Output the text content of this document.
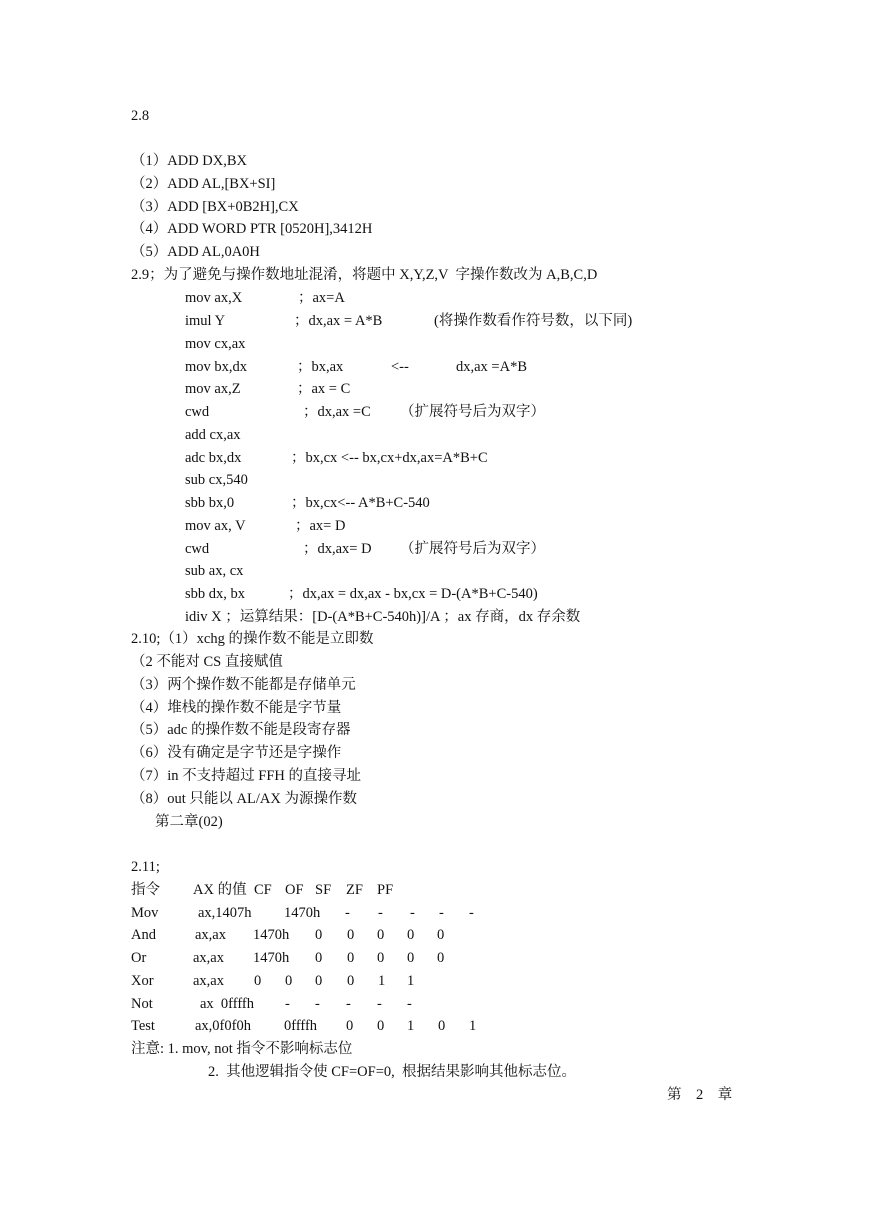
2.8
（1）ADD DX,BX
（2）ADD AL,[BX+SI]
（3）ADD [BX+0B2H],CX
（4）ADD WORD PTR [0520H],3412H
（5）ADD AL,0A0H
2.9；为了避免与操作数地址混淆，将题中 X,Y,Z,V  字操作数改为 A,B,C,D
mov ax,X	；ax=A
imul Y	；dx,ax = A*B	(将操作数看作符号数，以下同)
mov cx,ax
mov bx,dx	；bx,ax	<--	dx,ax =A*B
mov ax,Z	；ax = C
cwd	；dx,ax =C （扩展符号后为双字）
add cx,ax
adc bx,dx	；bx,cx <-- bx,cx+dx,ax=A*B+C
sub cx,540
sbb bx,0	；bx,cx<-- A*B+C-540
mov ax, V	；ax= D
cwd	；dx,ax= D （扩展符号后为双字）
sub ax, cx
sbb dx, bx	；dx,ax = dx,ax - bx,cx = D-(A*B+C-540)
idiv X ；运算结果：[D-(A*B+C-540h)]/A ；ax 存商，dx 存余数
2.10;（1）xchg 的操作数不能是立即数
（2 不能对 CS 直接赋值
（3）两个操作数不能都是存储单元
（4）堆栈的操作数不能是字节量
（5）adc 的操作数不能是段寄存器
（6）没有确定是字节还是字操作
（7）in 不支持超过 FFH 的直接寻址
（8）out 只能以 AL/AX 为源操作数
第二章(02)
2.11;
指令 AX 的值 CF OF SF ZF PF
Mov	ax,1407h 1470h - - - - -
And	ax,ax 1470h 0 0 0 0 0
Or	ax,ax 1470h 0 0 0 0 0
Xor	ax,ax 0 0 0 0 1 1
Not	ax  0ffffh - - - - -
Test	ax,0f0f0h 0ffffh 0 0 1 0 1
注意: 1. mov, not 指令不影响标志位
2.  其他逻辑指令使 CF=OF=0,  根据结果影响其他标志位。
第    2    章
